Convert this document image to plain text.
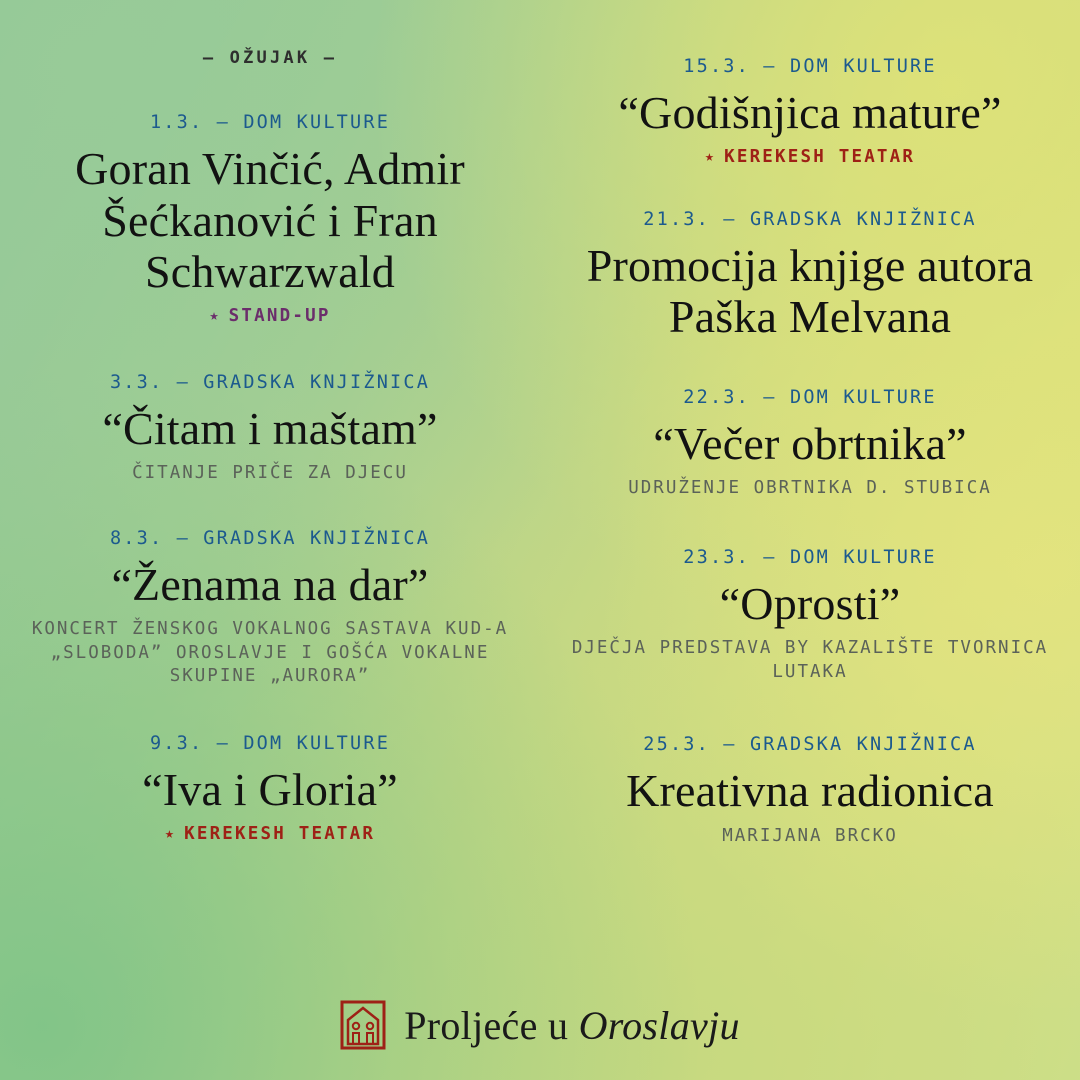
— OŽUJAK —
1.3. — DOM KULTURE
Goran Vinčić, Admir Šećkanović i Fran Schwarzwald
★ STAND-UP
3.3. — GRADSKA KNJIŽNICA
“Čitam i maštam”
ČITANJE PRIČE ZA DJECU
8.3. — GRADSKA KNJIŽNICA
“Ženama na dar”
KONCERT ŽENSKOG VOKALNOG SASTAVA KUD-A „SLOBODA” OROSLAVJE I GOŠĆA VOKALNE SKUPINE „AURORA”
9.3. — DOM KULTURE
“Iva i Gloria”
★ KEREKESH TEATAR
15.3. — DOM KULTURE
“Godišnjica mature”
★ KEREKESH TEATAR
21.3. — GRADSKA KNJIŽNICA
Promocija knjige autora Paška Melvana
22.3. — DOM KULTURE
“Večer obrtnika”
UDRUŽENJE OBRTNIKA D. STUBICA
23.3. — DOM KULTURE
“Oprosti”
DJEČJA PREDSTAVA BY KAZALIŠTE TVORNICA LUTAKA
25.3. — GRADSKA KNJIŽNICA
Kreativna radionica
MARIJANA BRCKO
Proljeće u Oroslavju
